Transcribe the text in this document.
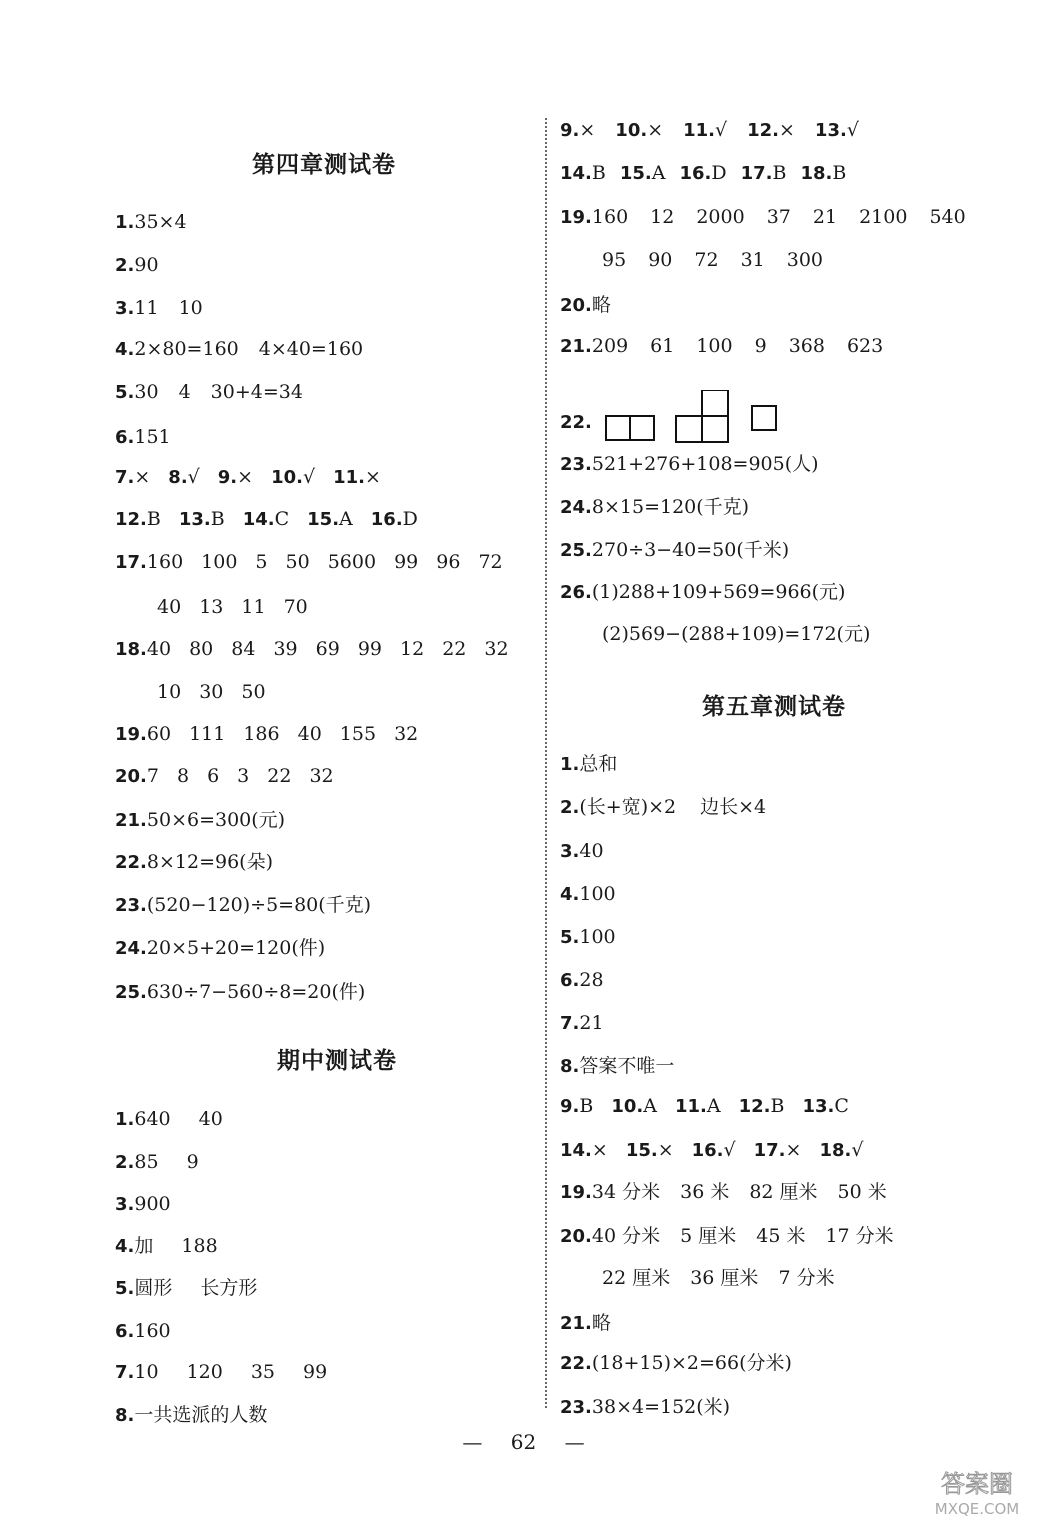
第四章测试卷
1.35×4
2.90
3.11 10
4.2×80=160 4×40=160
5.30 4 30+4=34
6.151
7.× 8.√ 9.× 10.√ 11.×
12.B 13.B 14.C 15.A 16.D
17.160 100 5 50 5600 99 96 72
40 13 11 70
18.40 80 84 39 69 99 12 22 32
10 30 50
19.60 111 186 40 155 32
20.7 8 6 3 22 32
21.50×6=300(元)
22.8×12=96(朵)
23.(520−120)÷5=80(千克)
24.20×5+20=120(件)
25.630÷7−560÷8=20(件)
期中测试卷
1.640 40
2.85 9
3.900
4.加 188
5.圆形 长方形
6.160
7.10 120 35 99
8.一共选派的人数
9.× 10.× 11.√ 12.× 13.√
14.B 15.A 16.D 17.B 18.B
19.160 12 2000 37 21 2100 540
95 90 72 31 300
20.略
21.209 61 100 9 368 623
22.
23.521+276+108=905(人)
24.8×15=120(千克)
25.270÷3−40=50(千米)
26.(1)288+109+569=966(元)
(2)569−(288+109)=172(元)
第五章测试卷
1.总和
2.(长+宽)×2 边长×4
3.40
4.100
5.100
6.28
7.21
8.答案不唯一
9.B 10.A 11.A 12.B 13.C
14.× 15.× 16.√ 17.× 18.√
19.34 分米 36 米 82 厘米 50 米
20.40 分米 5 厘米 45 米 17 分米
22 厘米 36 厘米 7 分米
21.略
22.(18+15)×2=66(分米)
23.38×4=152(米)
— 62 —
答案圈
MXQE.COM
